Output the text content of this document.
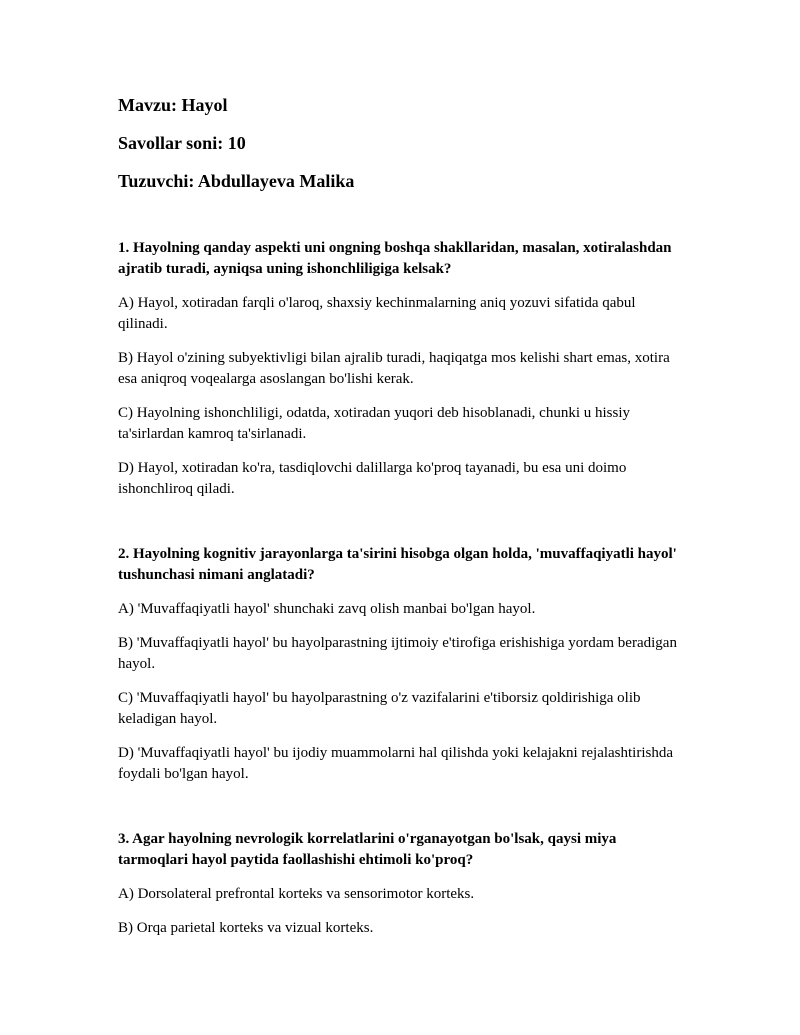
Mavzu: Hayol

Savollar soni: 10

Tuzuvchi: Abdullayeva Malika

1. Hayolning qanday aspekti uni ongning boshqa shakllaridan, masalan, xotiralashdan ajratib turadi, ayniqsa uning ishonchliligiga kelsak?

A) Hayol, xotiradan farqli o'laroq, shaxsiy kechinmalarning aniq yozuvi sifatida qabul qilinadi.

B) Hayol o'zining subyektivligi bilan ajralib turadi, haqiqatga mos kelishi shart emas, xotira esa aniqroq voqealarga asoslangan bo'lishi kerak.

C) Hayolning ishonchliligi, odatda, xotiradan yuqori deb hisoblanadi, chunki u hissiy ta'sirlardan kamroq ta'sirlanadi.

D) Hayol, xotiradan ko'ra, tasdiqlovchi dalillarga ko'proq tayanadi, bu esa uni doimo ishonchliroq qiladi.

2. Hayolning kognitiv jarayonlarga ta'sirini hisobga olgan holda, 'muvaffaqiyatli hayol' tushunchasi nimani anglatadi?

A) 'Muvaffaqiyatli hayol' shunchaki zavq olish manbai bo'lgan hayol.

B) 'Muvaffaqiyatli hayol' bu hayolparastning ijtimoiy e'tirofiga erishishiga yordam beradigan hayol.

C) 'Muvaffaqiyatli hayol' bu hayolparastning o'z vazifalarini e'tiborsiz qoldirishiga olib keladigan hayol.

D) 'Muvaffaqiyatli hayol' bu ijodiy muammolarni hal qilishda yoki kelajakni rejalashtirishda foydali bo'lgan hayol.

3. Agar hayolning nevrologik korrelatlarini o'rganayotgan bo'lsak, qaysi miya tarmoqlari hayol paytida faollashishi ehtimoli ko'proq?

A) Dorsolateral prefrontal korteks va sensorimotor korteks.

B) Orqa parietal korteks va vizual korteks.
